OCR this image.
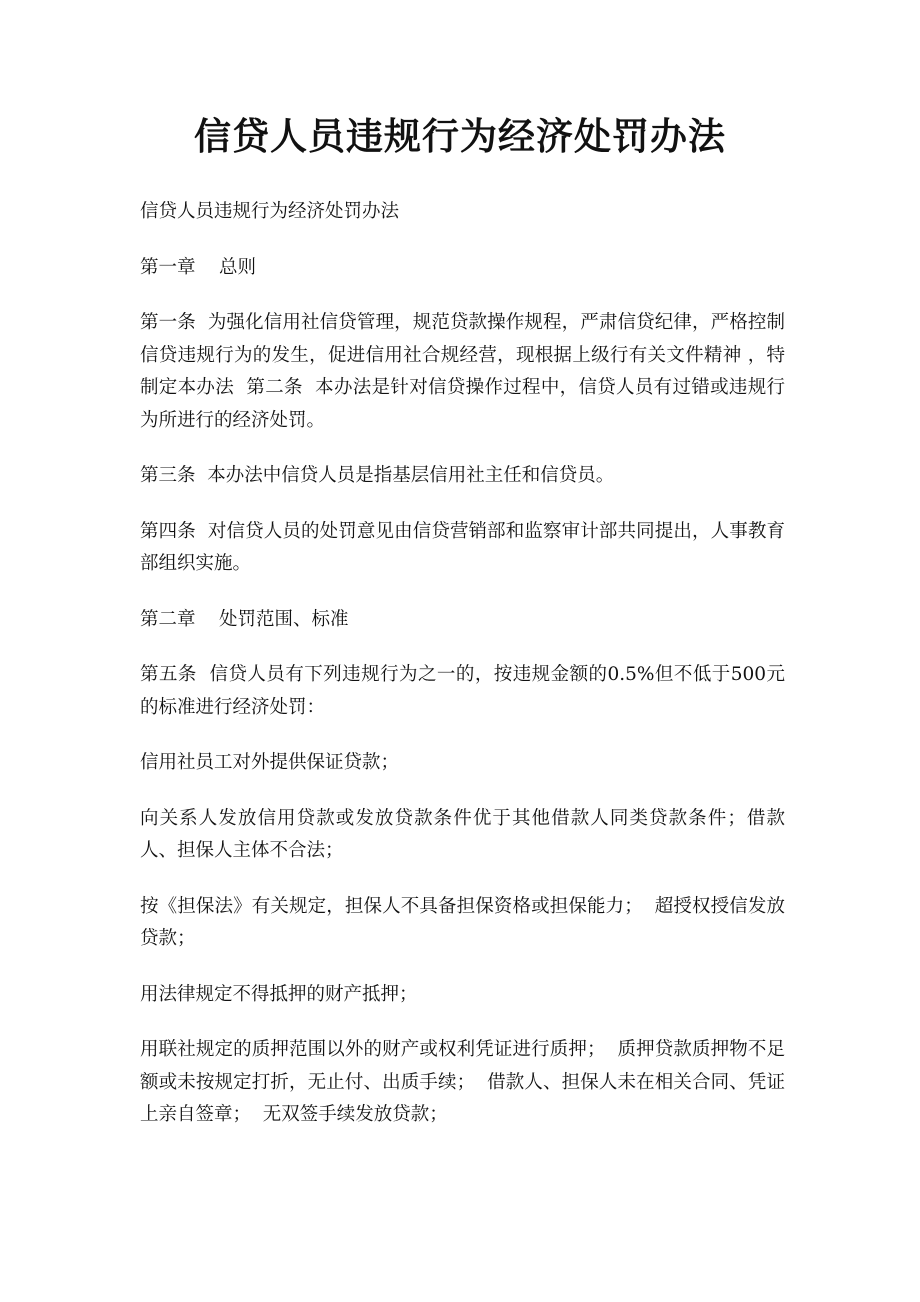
信贷人员违规行为经济处罚办法

信贷人员违规行为经济处罚办法

第一章    总则

第一条  为强化信用社信贷管理，规范贷款操作规程，严肃信贷纪律，严格控制信贷违规行为的发生，促进信用社合规经营，现根据上级行有关文件精神 ，特制定本办法  第二条  本办法是针对信贷操作过程中，信贷人员有过错或违规行为所进行的经济处罚。

第三条  本办法中信贷人员是指基层信用社主任和信贷员。

第四条  对信贷人员的处罚意见由信贷营销部和监察审计部共同提出，人事教育部组织实施。

第二章    处罚范围、标准

第五条  信贷人员有下列违规行为之一的，按违规金额的0.5%但不低于500元的标准进行经济处罚：

信用社员工对外提供保证贷款；

向关系人发放信用贷款或发放贷款条件优于其他借款人同类贷款条件；借款人、担保人主体不合法；

按《担保法》有关规定，担保人不具备担保资格或担保能力；  超授权授信发放贷款；

用法律规定不得抵押的财产抵押；

用联社规定的质押范围以外的财产或权利凭证进行质押；  质押贷款质押物不足额或未按规定打折，无止付、出质手续；  借款人、担保人未在相关合同、凭证上亲自签章；  无双签手续发放贷款；
